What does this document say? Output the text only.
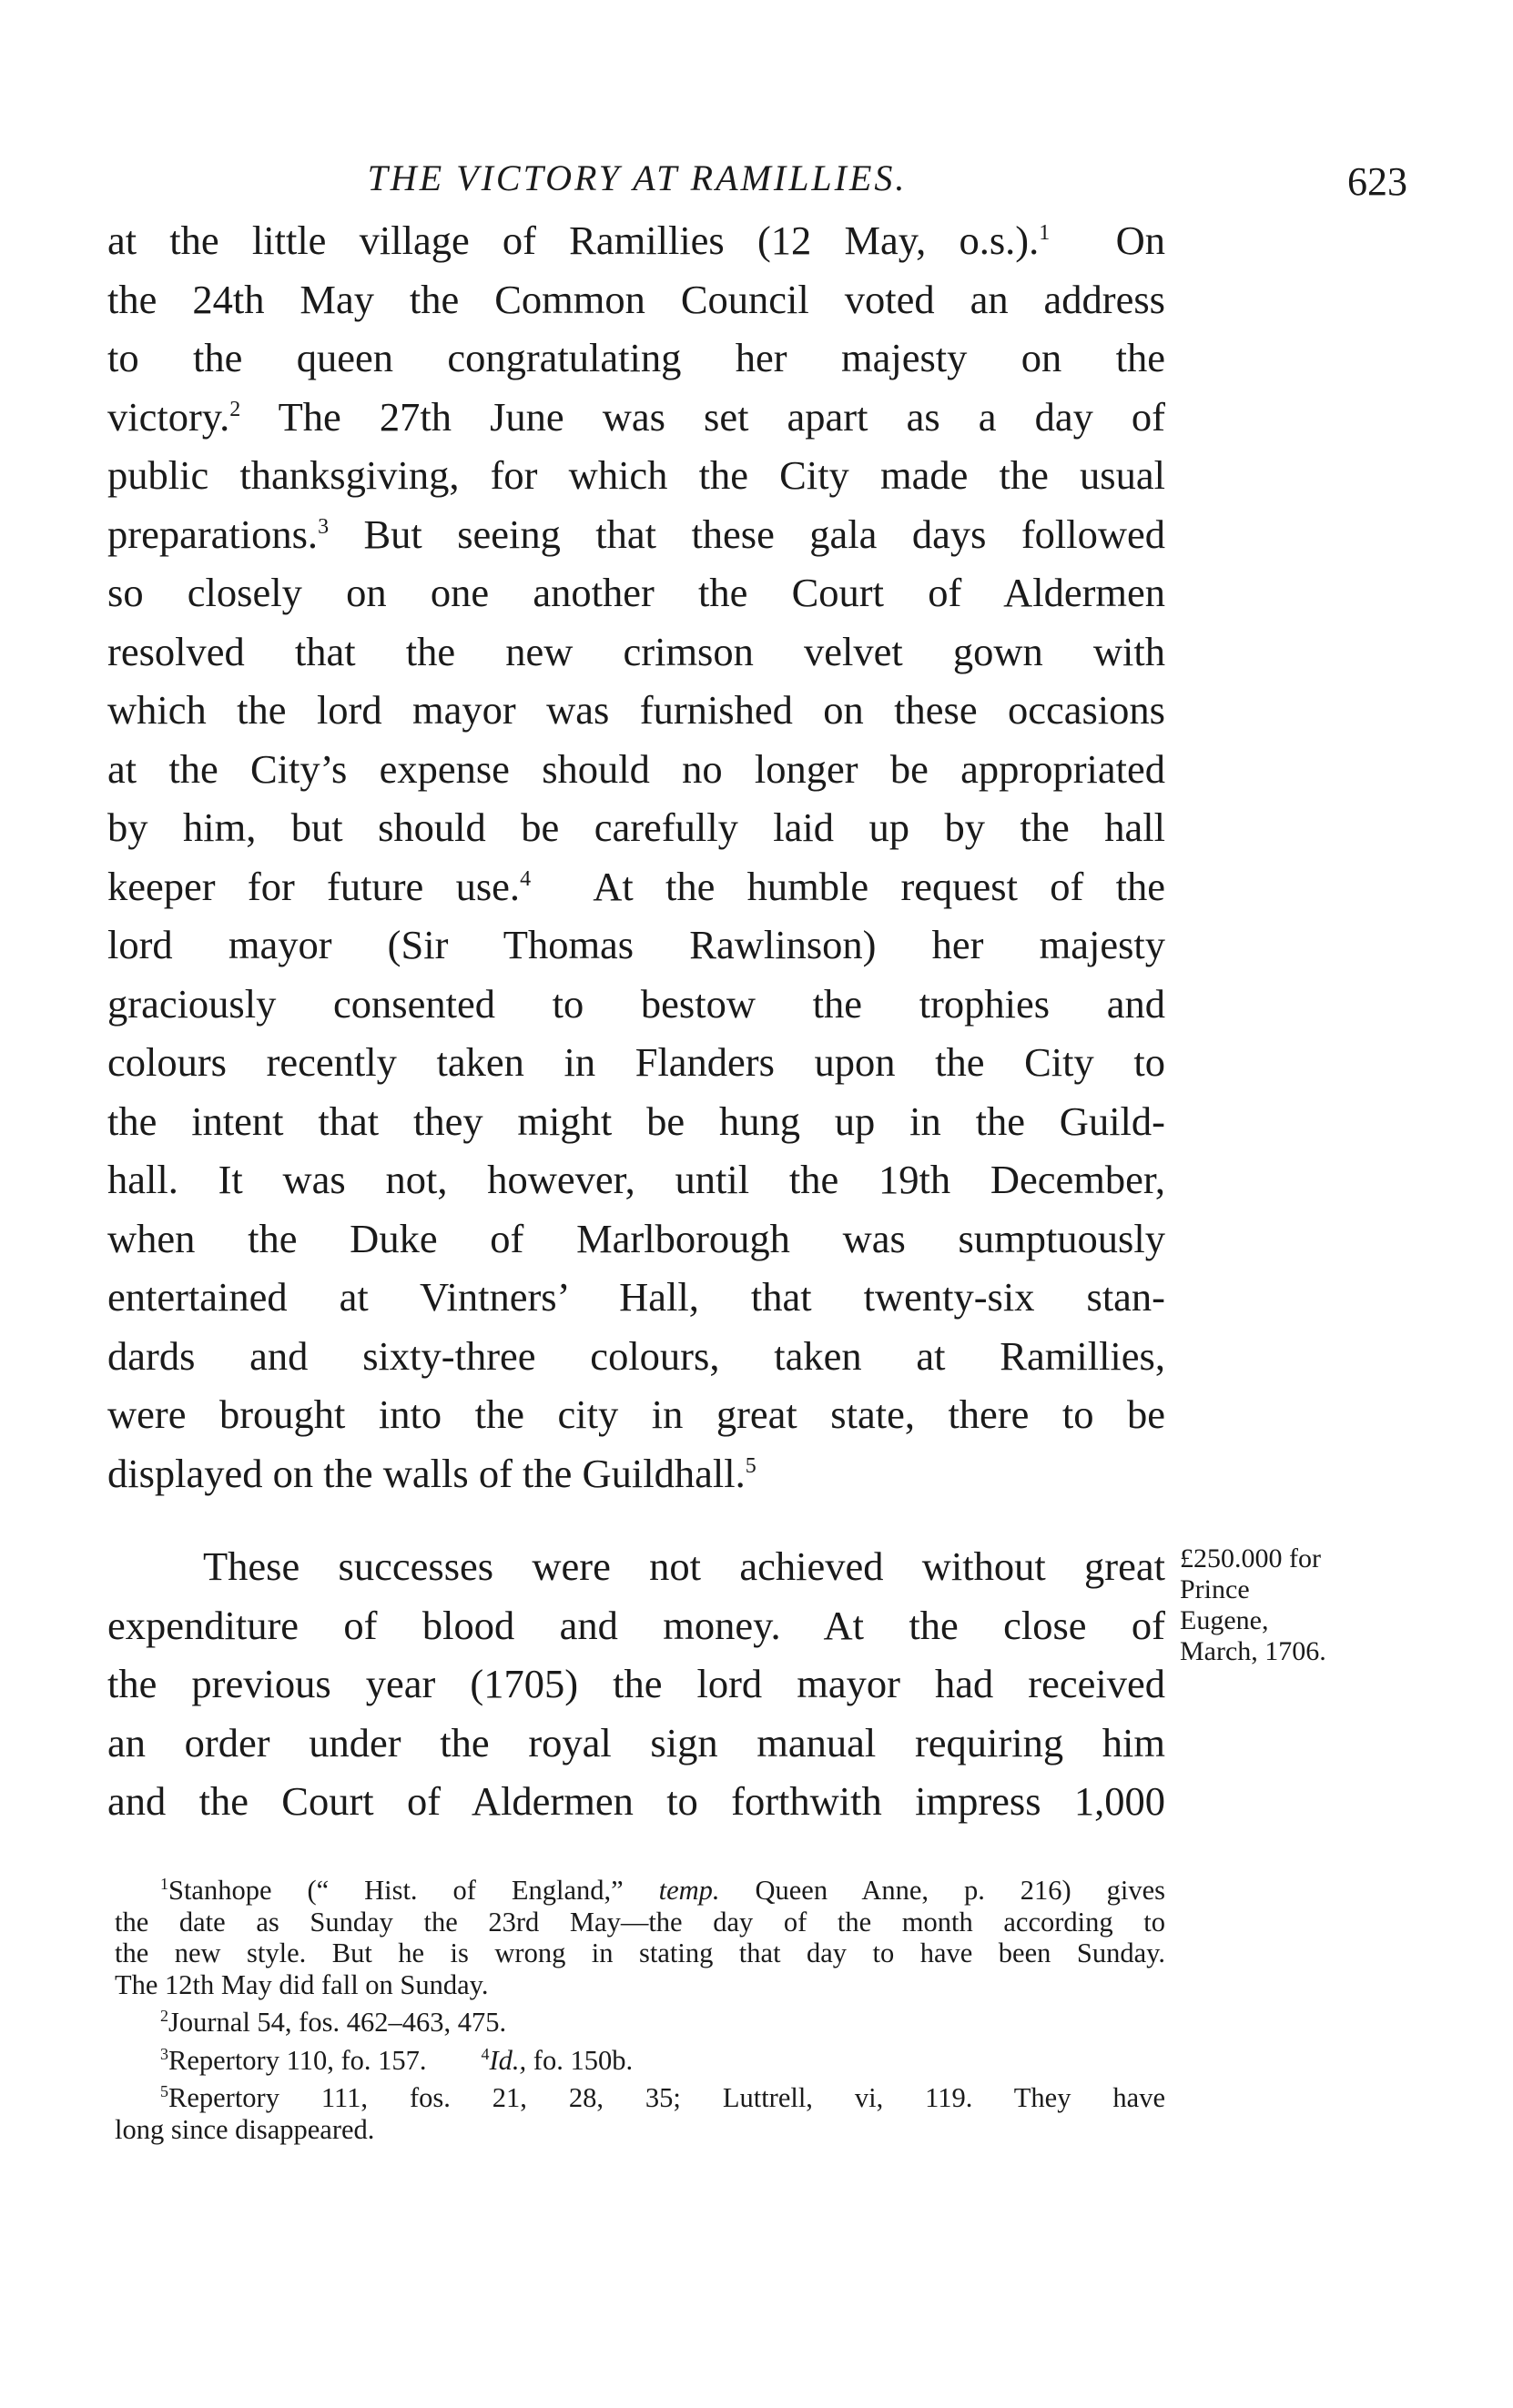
THE VICTORY AT RAMILLIES.	623

at the little village of Ramillies (12 May, o.s.).$^1$ On
the 24th May the Common Council voted an address
to the queen congratulating her majesty on the
victory.$^2$ The 27th June was set apart as a day of
public thanksgiving, for which the City made the usual
preparations.$^3$ But seeing that these gala days followed
so closely on one another the Court of Aldermen
resolved that the new crimson velvet gown with
which the lord mayor was furnished on these occasions
at the City’s expense should no longer be appropriated
by him, but should be carefully laid up by the hall
keeper for future use.$^4$ At the humble request of the
lord mayor (Sir Thomas Rawlinson) her majesty
graciously consented to bestow the trophies and
colours recently taken in Flanders upon the City to
the intent that they might be hung up in the Guild-
hall. It was not, however, until the 19th December,
when the Duke of Marlborough was sumptuously
entertained at Vintners’ Hall, that twenty-six stan-
dards and sixty-three colours, taken at Ramillies,
were brought into the city in great state, there to be
displayed on the walls of the Guildhall.$^5$

These successes were not achieved without great
expenditure of blood and money. At the close of
the previous year (1705) the lord mayor had received
an order under the royal sign manual requiring him
and the Court of Aldermen to forthwith impress 1,000

£250.000 for
Prince
Eugene,
March, 1706.
$^1$Stanhope (“ Hist. of England,” temp. Queen Anne, p. 216) gives
the date as Sunday the 23rd May—the day of the month according to
the new style. But he is wrong in stating that day to have been Sunday.
The 12th May did fall on Sunday.
$^2$Journal 54, fos. 462–463, 475.
$^3$Repertory 110, fo. 157.	$^4$Id., fo. 150b.
$^5$Repertory 111, fos. 21, 28, 35; Luttrell, vi, 119. They have
long since disappeared.
